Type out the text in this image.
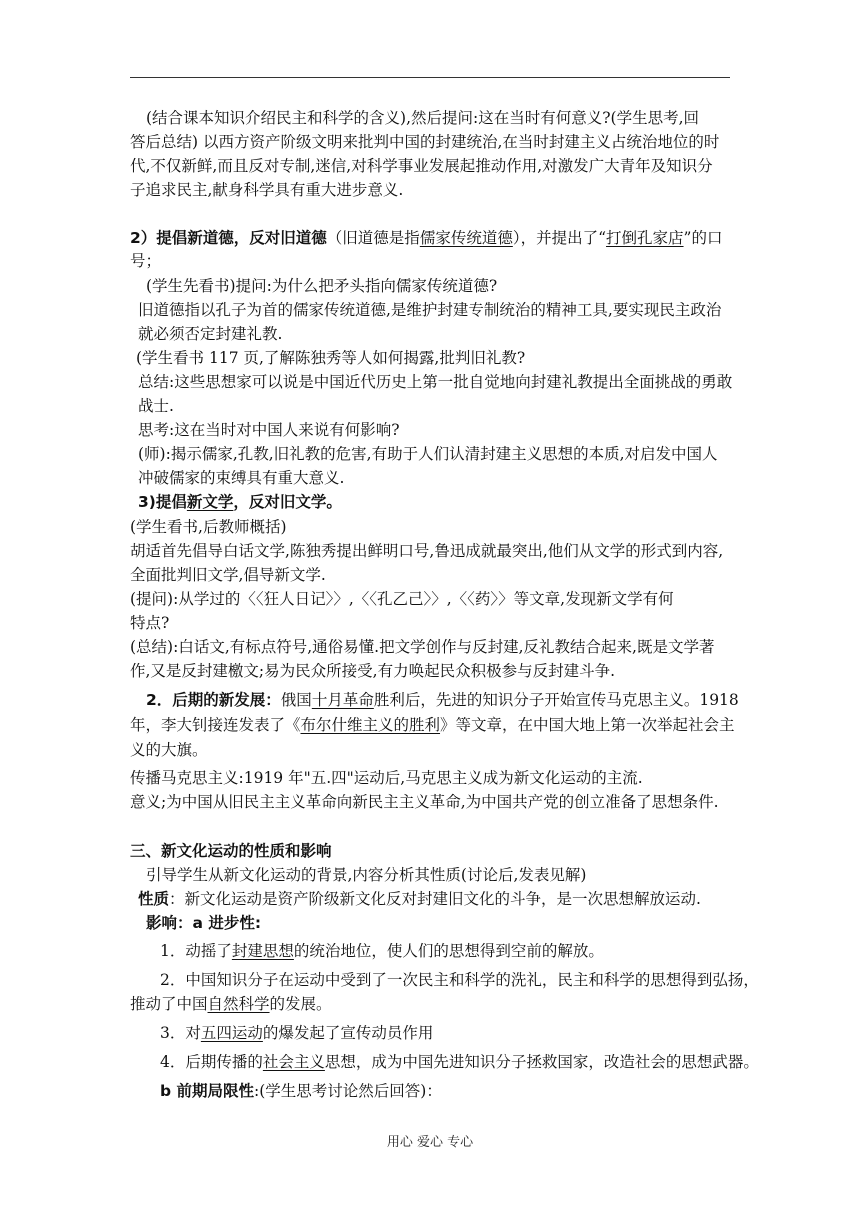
(结合课本知识介绍民主和科学的含义),然后提问:这在当时有何意义?(学生思考,回
答后总结) 以西方资产阶级文明来批判中国的封建统治,在当时封建主义占统治地位的时
代,不仅新鲜,而且反对专制,迷信,对科学事业发展起推动作用,对激发广大青年及知识分
子追求民主,献身科学具有重大进步意义.
2）提倡新道德，反对旧道德（旧道德是指儒家传统道德），并提出了“打倒孔家店”的口
号；
(学生先看书)提问:为什么把矛头指向儒家传统道德?
旧道德指以孔子为首的儒家传统道德,是维护封建专制统治的精神工具,要实现民主政治
就必须否定封建礼教.
(学生看书 117 页,了解陈独秀等人如何揭露,批判旧礼教?
总结:这些思想家可以说是中国近代历史上第一批自觉地向封建礼教提出全面挑战的勇敢
战士.
思考:这在当时对中国人来说有何影响?
(师):揭示儒家,孔教,旧礼教的危害,有助于人们认清封建主义思想的本质,对启发中国人
冲破儒家的束缚具有重大意义.
3)提倡新文学，反对旧文学。
(学生看书,后教师概括)
胡适首先倡导白话文学,陈独秀提出鲜明口号,鲁迅成就最突出,他们从文学的形式到内容,
全面批判旧文学,倡导新文学.
(提问):从学过的〈〈狂人日记〉〉,〈〈孔乙己〉〉,〈〈药〉〉等文章,发现新文学有何
特点?
(总结):白话文,有标点符号,通俗易懂.把文学创作与反封建,反礼教结合起来,既是文学著
作,又是反封建檄文;易为民众所接受,有力唤起民众积极参与反封建斗争.
2．后期的新发展：俄国十月革命胜利后，先进的知识分子开始宣传马克思主义。1918
年，李大钊接连发表了《布尔什维主义的胜利》等文章，在中国大地上第一次举起社会主
义的大旗。
传播马克思主义:1919 年"五.四"运动后,马克思主义成为新文化运动的主流.
意义;为中国从旧民主主义革命向新民主主义革命,为中国共产党的创立准备了思想条件.
三、新文化运动的性质和影响
引导学生从新文化运动的背景,内容分析其性质(讨论后,发表见解)
性质：新文化运动是资产阶级新文化反对封建旧文化的斗争，是一次思想解放运动.
影响：a 进步性:
1．动摇了封建思想的统治地位，使人们的思想得到空前的解放。
2．中国知识分子在运动中受到了一次民主和科学的洗礼，民主和科学的思想得到弘扬，
推动了中国自然科学的发展。
3．对五四运动的爆发起了宣传动员作用
4．后期传播的社会主义思想，成为中国先进知识分子拯救国家，改造社会的思想武器。
b 前期局限性:(学生思考讨论然后回答)：
用心 爱心 专心
